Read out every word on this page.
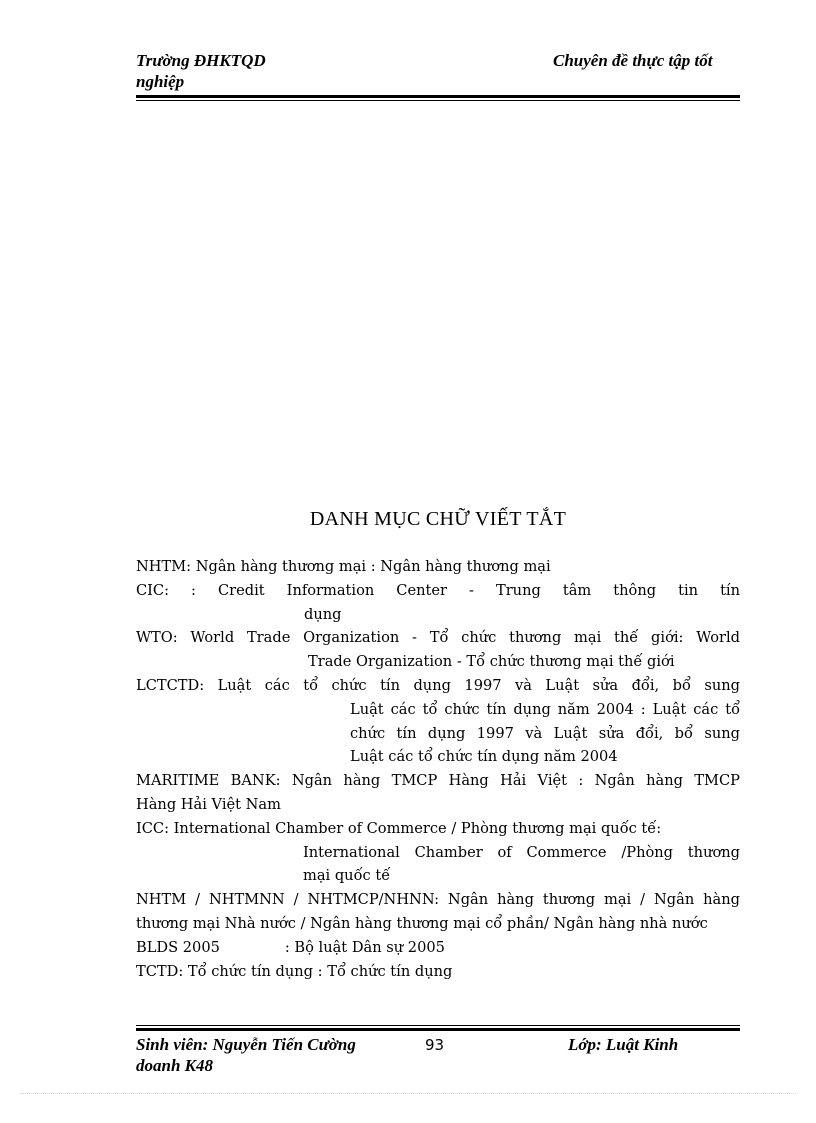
Trường ĐHKTQD
nghiệp
Chuyên đề thực tập tốt
DANH MỤC CHỮ VIẾT TẮT
NHTM: Ngân hàng thương mại : Ngân hàng thương mại
CIC: : Credit Information Center - Trung tâm thông tin tín
dụng
WTO: World Trade Organization - Tổ chức thương mại thế giới: World
Trade Organization - Tổ chức thương mại thế giới
LCTCTD: Luật các tổ chức tín dụng 1997 và Luật sửa đổi, bổ sung
Luật các tổ chức tín dụng năm 2004 : Luật các tổ
chức tín dụng 1997 và Luật sửa đổi, bổ sung
Luật các tổ chức tín dụng năm 2004
MARITIME BANK: Ngân hàng TMCP Hàng Hải Việt : Ngân hàng TMCP
Hàng Hải Việt Nam
ICC: International Chamber of Commerce / Phòng thương mại quốc tế:
International Chamber of Commerce /Phòng thương
mại quốc tế
NHTM / NHTMNN / NHTMCP/NHNN: Ngân hàng thương mại / Ngân hàng
thương mại Nhà nước / Ngân hàng thương mại cổ phần/ Ngân hàng nhà nước
BLDS 2005              : Bộ luật Dân sự 2005
TCTD: Tổ chức tín dụng : Tổ chức tín dụng
Sinh viên: Nguyễn Tiến Cường
doanh K48
93	Lớp: Luật Kinh
